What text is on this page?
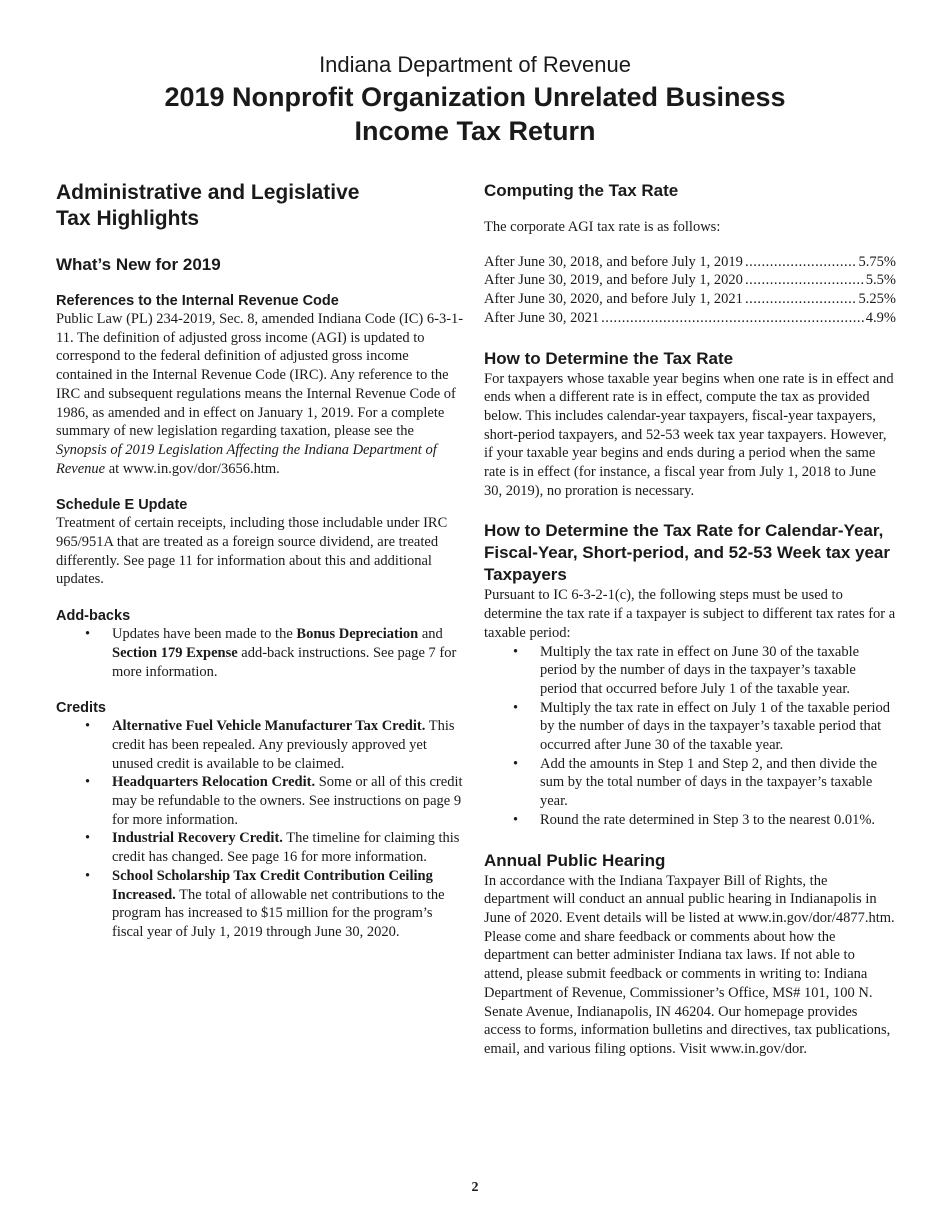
Indiana Department of Revenue
2019 Nonprofit Organization Unrelated Business
Income Tax Return
Administrative and Legislative
Tax Highlights
What’s New for 2019
References to the Internal Revenue Code

Public Law (PL) 234-2019, Sec. 8, amended Indiana Code (IC) 6-3-1-11. The definition of adjusted gross income (AGI) is updated to correspond to the federal definition of adjusted gross income contained in the Internal Revenue Code (IRC). Any reference to the IRC and subsequent regulations means the Internal Revenue Code of 1986, as amended and in effect on January 1, 2019. For a complete summary of new legislation regarding taxation, please see the Synopsis of 2019 Legislation Affecting the Indiana Department of Revenue at www.in.gov/dor/3656.htm.

Schedule E Update

Treatment of certain receipts, including those includable under IRC 965/951A that are treated as a foreign source dividend, are treated differently. See page 11 for information about this and additional updates.

Add-backs
• Updates have been made to the Bonus Depreciation and Section 179 Expense add-back instructions. See page 7 for more information.
Credits
• Alternative Fuel Vehicle Manufacturer Tax Credit. This credit has been repealed. Any previously approved yet unused credit is available to be claimed.
• Headquarters Relocation Credit. Some or all of this credit may be refundable to the owners. See instructions on page 9 for more information.
• Industrial Recovery Credit. The timeline for claiming this credit has changed. See page 16 for more information.
• School Scholarship Tax Credit Contribution Ceiling Increased. The total of allowable net contributions to the program has increased to $15 million for the program’s fiscal year of July 1, 2019 through June 30, 2020.
Computing the Tax Rate

The corporate AGI tax rate is as follows:

After June 30, 2018, and before July 1, 2019 .....	5.75%
After June 30, 2019, and before July 1, 2020 .....	5.5%
After June 30, 2020, and before July 1, 2021 .....	5.25%
After June 30, 2021 .....	4.9%
How to Determine the Tax Rate

For taxpayers whose taxable year begins when one rate is in effect and ends when a different rate is in effect, compute the tax as provided below. This includes calendar-year taxpayers, fiscal-year taxpayers, short-period taxpayers, and 52-53 week tax year taxpayers. However, if your taxable year begins and ends during a period when the same rate is in effect (for instance, a fiscal year from July 1, 2018 to June 30, 2019), no proration is necessary.

How to Determine the Tax Rate for Calendar-Year, Fiscal-Year, Short-period, and 52-53 Week tax year Taxpayers

Pursuant to IC 6-3-2-1(c), the following steps must be used to determine the tax rate if a taxpayer is subject to different tax rates for a taxable period:

• Multiply the tax rate in effect on June 30 of the taxable period by the number of days in the taxpayer’s taxable period that occurred before July 1 of the taxable year.
• Multiply the tax rate in effect on July 1 of the taxable period by the number of days in the taxpayer’s taxable period that occurred after June 30 of the taxable year.
• Add the amounts in Step 1 and Step 2, and then divide the sum by the total number of days in the taxpayer’s taxable year.
• Round the rate determined in Step 3 to the nearest 0.01%.
Annual Public Hearing

In accordance with the Indiana Taxpayer Bill of Rights, the department will conduct an annual public hearing in Indianapolis in June of 2020. Event details will be listed at www.in.gov/dor/4877.htm. Please come and share feedback or comments about how the department can better administer Indiana tax laws. If not able to attend, please submit feedback or comments in writing to: Indiana Department of Revenue, Commissioner’s Office, MS# 101, 100 N. Senate Avenue, Indianapolis, IN 46204. Our homepage provides access to forms, information bulletins and directives, tax publications, email, and various filing options. Visit www.in.gov/dor.

2
